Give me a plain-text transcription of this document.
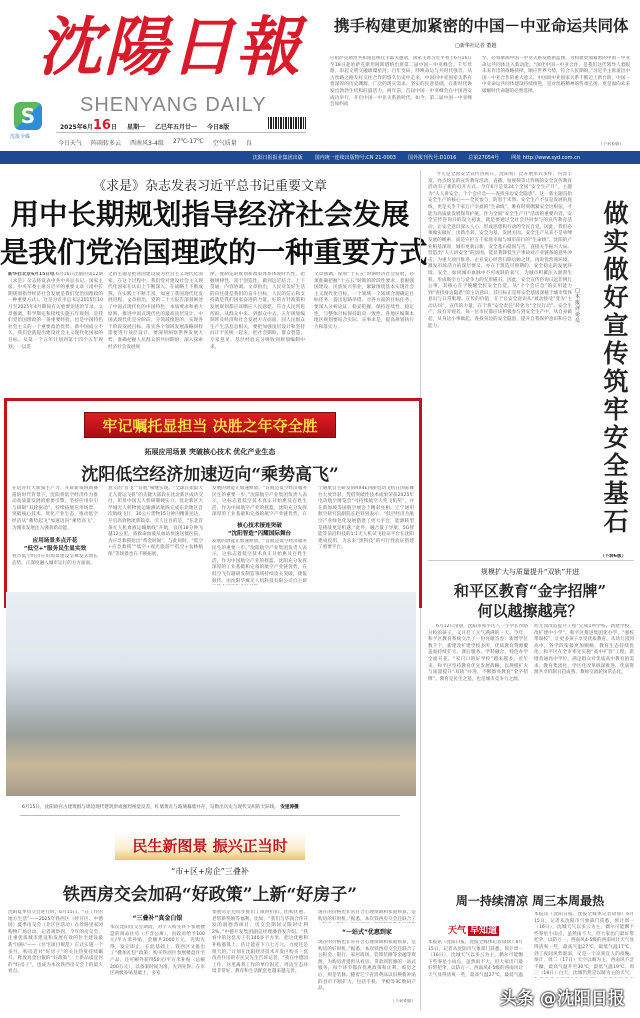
沈陽日報
SHENYANG DAILY
S
沈报全媒
2025年6月16日 星期一 乙巳年五月廿一 今日8版
今日天气 阵雨转多云 西南风3-4级 27℃-17℃ 空气质量 良
携手构建更加紧密的中国－中亚命运共同体
□新华社记者 董越
应哈萨克斯坦共和国总统托卡耶夫邀请，国家主席习近平将于6月16日至18日赴哈萨克斯坦阿斯塔纳出席第二届中国－中亚峰会。千年丝路，串起文明交融璀璨星河；百年变局，呼唤命运与共时代强音。从古丝路之路友好交往合作的悠久历史中走来，中国同中亚国家关系有着深厚的历史渊源、广泛的现实需求、坚实的民意基础，在新时代焕发出勃勃生机和旺盛活力。两年前，首届中国－中亚峰会在中国西安成功举行，开启中国－中亚关系新时代。如今，第二届中国－中亚峰会如约而
至，必将擘画中国－中亚关系发展新蓝图，为构建更加紧密的中国－中亚命运共同体注入新动能。“深化中国－中亚合作，是我们这代领导人着眼未来作出的战略抉择，顺应世界大势，符合人民期盼。”习近平主席道出中国－中亚合作的重大意义。中国同中亚国家关系不断迈上新台阶，中国－中亚命运共同体建设持续推进，是对丝路精神的传承弘扬，更是面向未来破解时代命题的必然选择。
（下转6版）
沈阳日报报业集团出版 国内统一连续出版物号:CN 21-0003 国外报刊代号:D1016 总第27054号 网址 http://www.syd.com.cn
《求是》杂志发表习近平总书记重要文章
用中长期规划指导经济社会发展
是我们党治国理政的一种重要方式
新华社北京6月15日电 6月16日出版的第12期《求是》杂志将发表中共中央总书记、国家主席、中央军委主席习近平的重要文章《用中长期规划指导经济社会发展是我们党治国理政的一种重要方式》。这是习近平总书记2015年10月至2025年4月期间有关重要论述的节录。文章强调，科学制定和接续实施五年规划，是我们党治国理政的一条重要经验，也是中国特色社会主义的一个重要政治优势。新中国成立不久，我们党就提出建设社会主义现代化国家的目标。从第一个五年计划到第十四个五年规划，一以贯
之的主题是把我国建设成为社会主义现代化国家。在这个过程中，我们党对建设社会主义现代化国家在认识上不断深入、在战略上不断成熟、在实践上不断丰富，加速了我国现代化发展进程。文章指出，党的二十大报告深刻阐述了中国式现代化的中国特色、本质要求和重大原则，推进中国式现代化的最高顶层设计。中国式现代化是分阶段、分领域推进的，实现各个阶段发展目标、落实各个领域发展战略同样需要进行顶层设计。要深刻洞察世界发展大势，准确把握人民群众的共同期盼，深入探索经济社会发展规
律，使制定的规划和政策体系体现时代性、把握规律性、富于创造性，做到远近结合、上下贯通、内容协调。文章指出，人民对美好生活的向往就是我们的奋斗目标，人民的信心和支持就是我们国家奋进的力量。好的方针政策和发展规划都应该顺应人民意愿、符合人民所思所盼，从群众中来、到群众中去。五年规划编制涉及经济和社会发展方方面面，同人民群众生产生活息息相关，要把加强顶层设计和坚持问计于民统一起来，把社会期盼、群众智慧、专家意见、基层经验充分吸收到规划编制中来。
文章强调，谋划“十五五”时期经济社会发展，必须准确把握“十五五”时期的阶段性要求，着眼强国建设、民族复兴伟业，紧紧围绕基本实现社会主义现代化目标，一个领域一个领域合理确定目标任务，提出思路举措。对各方面的目标任务，要深入分析论证，稳妥把握，保持连续性、稳定性，与整体目标保持取向一致性。各地区编制本地区规划要结合实际，实事求是，提高规划执行力和落实力。
今天是全国安全宣传咨询日，沈阳将广泛开展形式多样、内容丰富、亮点纷呈的宣传教育活动，直播、短视频等让传统的安全宣传教育活动有了新的打开方式。今年6月是第24个全国“安全生产月”，主题为“人人讲安全、个个会应急——查找身边安全隐患”。这一新主题直指安全生产的核心——全民参与，防患于未然。安全生产不仅是发展的底线，更是关乎千家万户幸福的“生命线”。唯有时刻绷紧安全这根弦，才能为高质量发展保驾护航。作为全国“安全生产月”活动的重要内容，安全宣传咨询日的设立初衷，就是要通过全社会共同参与的宣传教育活动，让安全意识深入人心，形成思想和行动的全民自觉。因此，我们必须做实做好，出新出彩。安全为基，发展方固。安全生产从来不是束缚发展的绳索，而是守护万千家庭幸福与城市前行的“生命线”。沈阳的产业根基深厚，城市更新日新，安全基石稳固与否，直接关乎振兴大局。营造出“人人讲安全”的氛围，能显著降低生产事故对产业链条的意外冲击，为重大项目推进、企业安心经营扫除后顾之忧。再说优营商环境，激发市场活力的深层要义，亦在于筑造可预期的、安全稳定的发展环境。安全，如同城市血脉中不可或缺的氧气，为城市积蓄注入澎湃生机，形成吸引力与竞争力的无形磁石。因此，安全宣传咨询日远非例行公事，其核心在于唤醒全民安全自觉。从“个个会应急”的实用能力到“查找身边隐患”的主动意识，其目标正是将安全基因深植于城市集体意识与日常肌理。宣传的价值，在于让安全意识从“被动接受”变为“主动认同”。宣传的力量，在于将“安全责任”转化为“全民行动”。安全生产，没有旁观者。每一位市民都应该积极参与到安全生产中，从自身做起，从身边小事做起，查找身边的安全隐患，提升自我保护意识和应急能力。
（下转6版）
做实做好宣传 筑牢安全基石
□本报评论员
牢记嘱托显担当 决胜之年夺全胜
拓展应用场景 突破核心技术 优化产业生态
沈阳低空经济加速迈向“乘势高飞”
在培育壮大新质生产力、开辟新领域新赛道的时代背景下，沈阳将低空经济作为推动高质量发展的重要引擎，坚持应用牵引与研制“双轮驱动”，持续拓展应用场景、突破核心技术、优化产业生态，推动低空经济从“蓄势起飞”加速迈向“乘势高飞”，为城市发展注入强劲新动能。
应用场景多点开花
“低空+”服务民生显实效
我市低空经济应用场景建设呈爆发式增长态势，正深度融入城市运行的方方面面。
意义的“首飞”“首航”相继实现。“全球首架最大无人货运飞机”的关键大部段在沈北新区成功交付，彰显中国无人机研制硬实力；沈北新区大学城无人机物流运输测试航线完成东北地区首次航线飞行，30公斤货物15分钟内精准送达，开启高效物流新篇章。引人注目的是，“东北首条无人机血液运输航线”开航，仅用18分钟飞越12公里，将救命血液从血站快速送抵医院，为应急救援抢出“黄金时间”。与此同时，“低空+应急救援”“低空+观光旅游”“低空+农林植保”等场景也在不断拓展。
发展的潜能正加速释放。“首航是低空经济服务民生的重要一步。”沈阳航空产业集团负责人表示，这标志着低空技术真正开始惠及百姓生活。作为中国航空产业的摇篮，沈阳充分发挥深厚的工业基础和完备的航空产业链优势，在
核心技术接连突破
“沈阳智造”闪耀国际舞台
发展的潜能正加速释放。“首航是低空经济服务民生的重要一步。”沈阳航空产业集团负责人表示，这标志着低空技术真正开始惠及百姓生活。作为中国航空产业的摇篮，沈阳充分发挥深厚的工业基础和完备的航空产业链优势，在低空飞行器研发制造领域持续攻关突破，捷报频传。由沈阳华翼无人机科技有限公司自主研
宁通航自主研发的RX4E四座电动飞机在国际舞台大放异彩，凭借突破性技术成果荣获2025年电动航空博览会“可持续航空大奖飞机奖”，并在新加坡等国航空展会上精彩亮相。辽宁通用航空研究院副院长赵铁男表示：“低空经济为航空产业绿色化发展搭建了更大平台，能源转型是挑战更是机遇。”此外，融合量子导航、5G智能等前沿科技的1:1无人机试飞验证平台在沈阳建成投用，为未来“黑科技”的可行性验证搭建了重要平台。
6月15日，沈阳故宫古建筑群与周边现代建筑形成强烈视觉反差，红墙黄瓦与玻璃幕墙并存，勾勒出历史与现代交织的天际线。 安里涛摄
民生新图景 振兴正当时
“市+区+房企”三叠补
铁西房交会加码“好政策”上新“好房子”
沈阳夏季房交会进行时。6月15日，“在工作的地方生活”——2025年铁西区（经开区、中德园）夏季房交会（北区区活动）在丝路里家园购物广场启动。记者观察到，今年的房交会，注重优质城市建设和发展有效的住宅建设最新“国标”——《住宅项目规范》正式实施一个多月，购房者对“好房子”的关注热度持续飙升。释放真金白银的“好政策”，上新品质宜居的“好房子”，也成为本次铁西房交会上的最大看点。
“三叠补”真金白银
本次沈阳房交会期间，对个人购买铁下参展楼盘的商品住房（不含公寓），由政府给予100元/平方米补贴，金额共2000万元，先购先得，发完即止。在此基础上，铁西区又推出了“叠加礼包”政策：购买铁西区参展楼盘住宅产品，还可额外获得50元/平方米补贴（总额200万元），以备案时间为准，先到先得。在市区两级补贴基础上，多家
参展房企还同步推出了限时折扣、团购优惠、老带新奖励等福利。比如，“我们与华润合作开发的润德湾项目，房交会期间又限时让利2%。”中德开发集团副总经理潘春发介绍。“我看中的这套房子有140多平方米，把这优惠和补贴都算上，估计能省下六七万元，力度还是很大的。”计划在沈阳经济技术开发区购买一套改善住房的市民吴先生告诉记者，“我在中德园工作，这里离我工作的单位很近，周边生态环境非常好，教育和生活配套也越来越完善。
现在的价格也非常符合心理预期和家庭预算，是购房的好时机。”据悉，本次铁西房交会还联合了
“一站式”优惠到家
现在的价格也非常符合心理预期和家庭预算，是购房的好时机。”据悉，本次铁西房交会还联合了公积金、银行、家居商场、装饰装修等金融等资源，为购房者提供从看房、贷款到装修的一站式服务，每个环节都有优惠政策和让利。购房之后，则是装修。随着辽宁省消费品以旧换新补贴的县市不断扩大，包括手机、平板等3C数码产品。
（下转4版）
规模扩大与质量提升“双轨”并进
和平区教育“金字招牌”
何以越擦越亮？
6月12日清晨，沈阳市和平区八一小学长沙路分校的孩子，又开启了元气满满的一天。今年，和平区教育系统交出了一份亮眼答卷：新增学位数千个，新建改扩建学校多所，优质教育资源覆盖面持续扩大。课后服务、学科融合、特色办学全面开花，“家门口的好学校”越来越多。近年来，和平区坚持教育优先发展战略，以规模扩大与质量提升“双轨”并进，不断擦亮教育“金字招牌”。教育是民生之基，也是城市竞争力之源。
幼儿园改造提升工程“完成1所学校，新建学校，改扩建中小学”。和平区推进集团化办学，“强校带弱校”，让更多孩子享受优质教育。从幼儿园到高中，各学段衔接更加顺畅，教育生态持续优化。和平区在全市率先实施“高中扩容”工程，新增普通高中学位，满足群众对优质高中教育的需求。教育集团化、学区化改革纵深推进，优质资源共享机制日趋成熟，教师交流轮岗常态化。
周一持续清凉 周三本周最热
天气 早知道
本报讯（沈阳日报、沈报全媒体记者徐徐）6月15日，记者从沈阳市气象部门获悉，预计周一（16日），沈城天气以多云为主，偶尔可能飘下些零星小雨点，虽然雨不大，但大家出门最好带把伞，以防万一。西南风4-5级的西南风让天气显得清爽一些，最高气温27℃，最低气温
本报讯（沈阳日报、沈报全媒体记者徐徐）6月15日，记者从沈阳市气象部门获悉，预计周一（16日），沈城天气以多云为主，偶尔可能飘下些零星小雨点，虽然雨不大，但大家出门最好带把伞，以防万一。西南风4-5级的西南风让天气显得清爽一些，最高气温27℃，最低气温17℃，到了夜间风势渐弱，又是一个凉爽宜人的夜晚。预计，周二（17日）天空以晴为主，西南风不急不躁，最高气温升至30℃，最低气温19℃。周三（18日）白天，沈城仍然是以晴为主的天气，
头条 @沈阳日报
